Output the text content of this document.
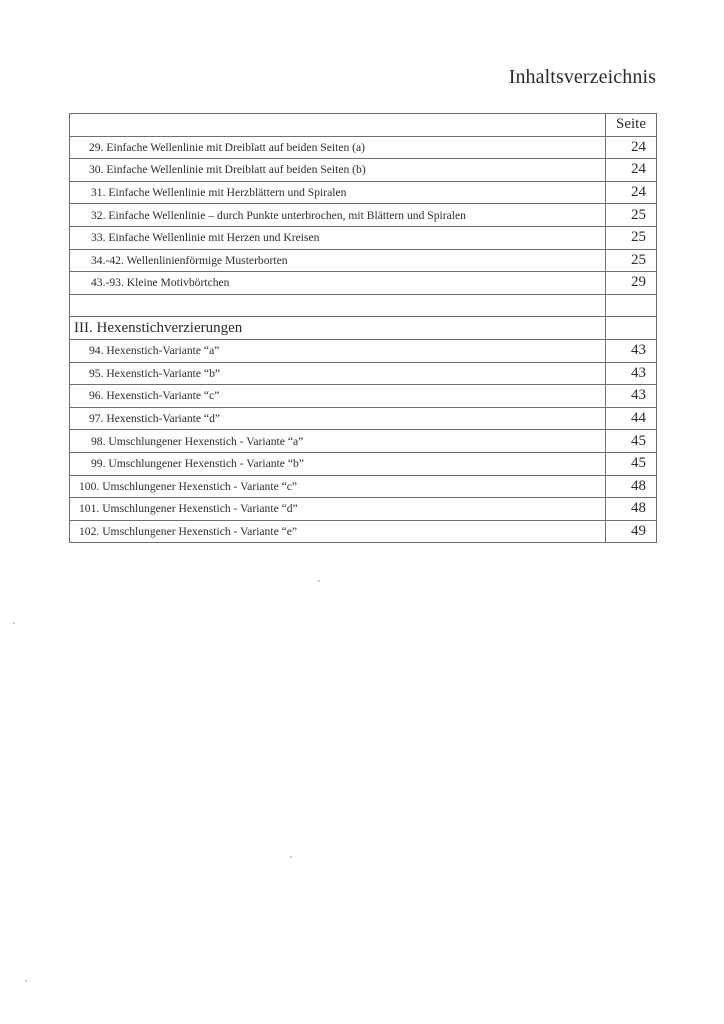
Inhaltsverzeichnis
	Seite
29. Einfache Wellenlinie mit Dreiblatt auf beiden Seiten (a)	24
30. Einfache Wellenlinie mit Dreiblatt auf beiden Seiten (b)	24
31. Einfache Wellenlinie mit Herzblättern und Spiralen	24
32. Einfache Wellenlinie – durch Punkte unterbrochen, mit Blättern und Spiralen	25
33. Einfache Wellenlinie mit Herzen und Kreisen	25
34.-42. Wellenlinienförmige Musterborten	25
43.-93. Kleine Motivbörtchen	29

III. Hexenstichverzierungen	
94. Hexenstich-Variante “a”	43
95. Hexenstich-Variante “b”	43
96. Hexenstich-Variante “c”	43
97. Hexenstich-Variante “d”	44
98. Umschlungener Hexenstich - Variante “a”	45
99. Umschlungener Hexenstich - Variante “b”	45
100. Umschlungener Hexenstich - Variante “c”	48
101. Umschlungener Hexenstich - Variante “d”	48
102. Umschlungener Hexenstich - Variante “e”	49
